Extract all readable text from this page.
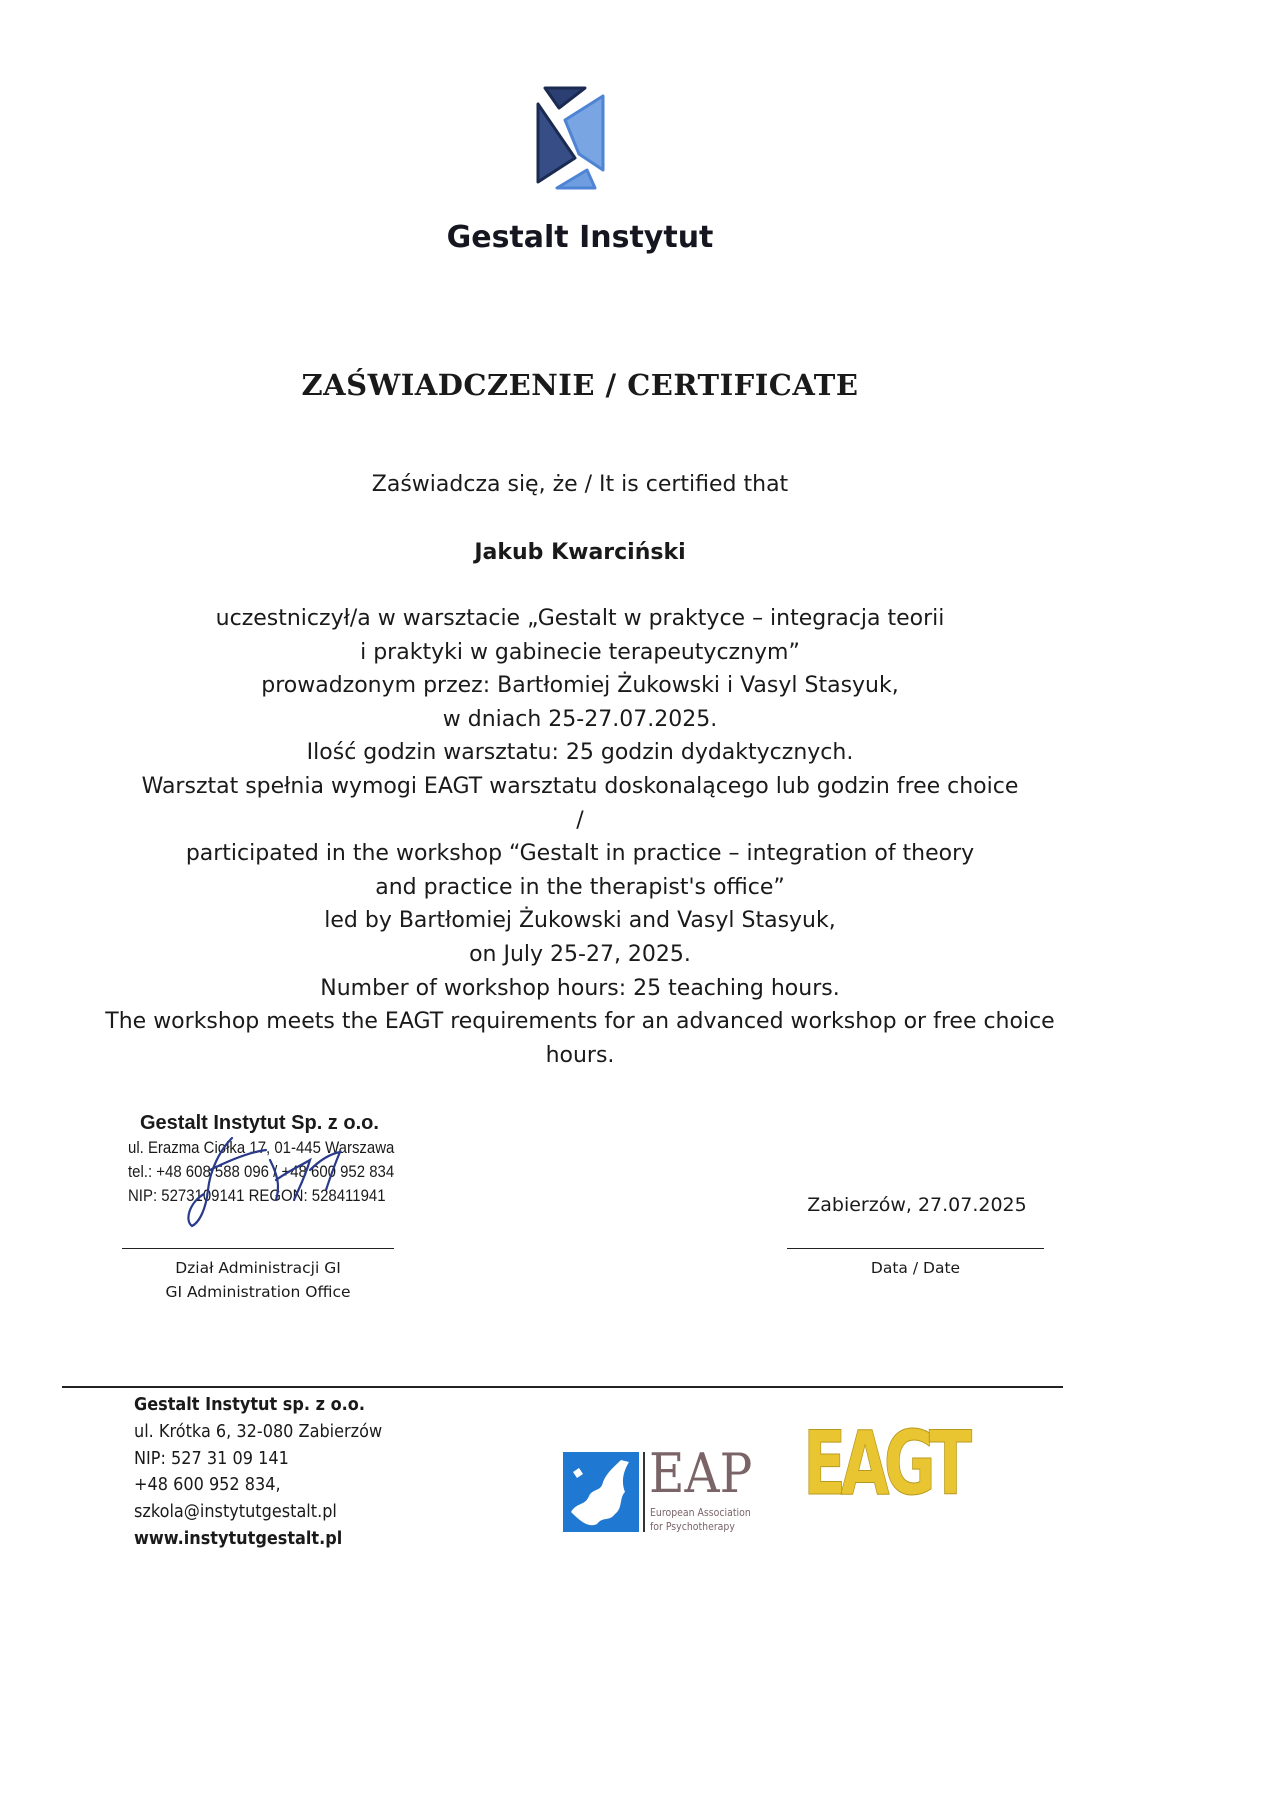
Gestalt Instytut
ZAŚWIADCZENIE / CERTIFICATE
Zaświadcza się, że / It is certified that
Jakub Kwarciński
uczestniczył/a w warsztacie „Gestalt w praktyce – integracja teorii
i praktyki w gabinecie terapeutycznym”
prowadzonym przez: Bartłomiej Żukowski i Vasyl Stasyuk,
w dniach 25-27.07.2025.
Ilość godzin warsztatu: 25 godzin dydaktycznych.
Warsztat spełnia wymogi EAGT warsztatu doskonalącego lub godzin free choice
/
participated in the workshop “Gestalt in practice – integration of theory
and practice in the therapist's office”
led by Bartłomiej Żukowski and Vasyl Stasyuk,
on July 25-27, 2025.
Number of workshop hours: 25 teaching hours.
The workshop meets the EAGT requirements for an advanced workshop or free choice
hours.
Gestalt Instytut Sp. z o.o.
ul. Erazma Ciołka 17, 01-445 Warszawa
tel.: +48 608 588 096 / +48 600 952 834
NIP: 5273109141 REGON: 528411941
Dział Administracji GI
GI Administration Office
Zabierzów, 27.07.2025
Data / Date
Gestalt Instytut sp. z o.o.
ul. Krótka 6, 32-080 Zabierzów
NIP: 527 31 09 141
+48 600 952 834,
szkola@instytutgestalt.pl
www.instytutgestalt.pl
EAP
European Association
for Psychotherapy
EAGT
